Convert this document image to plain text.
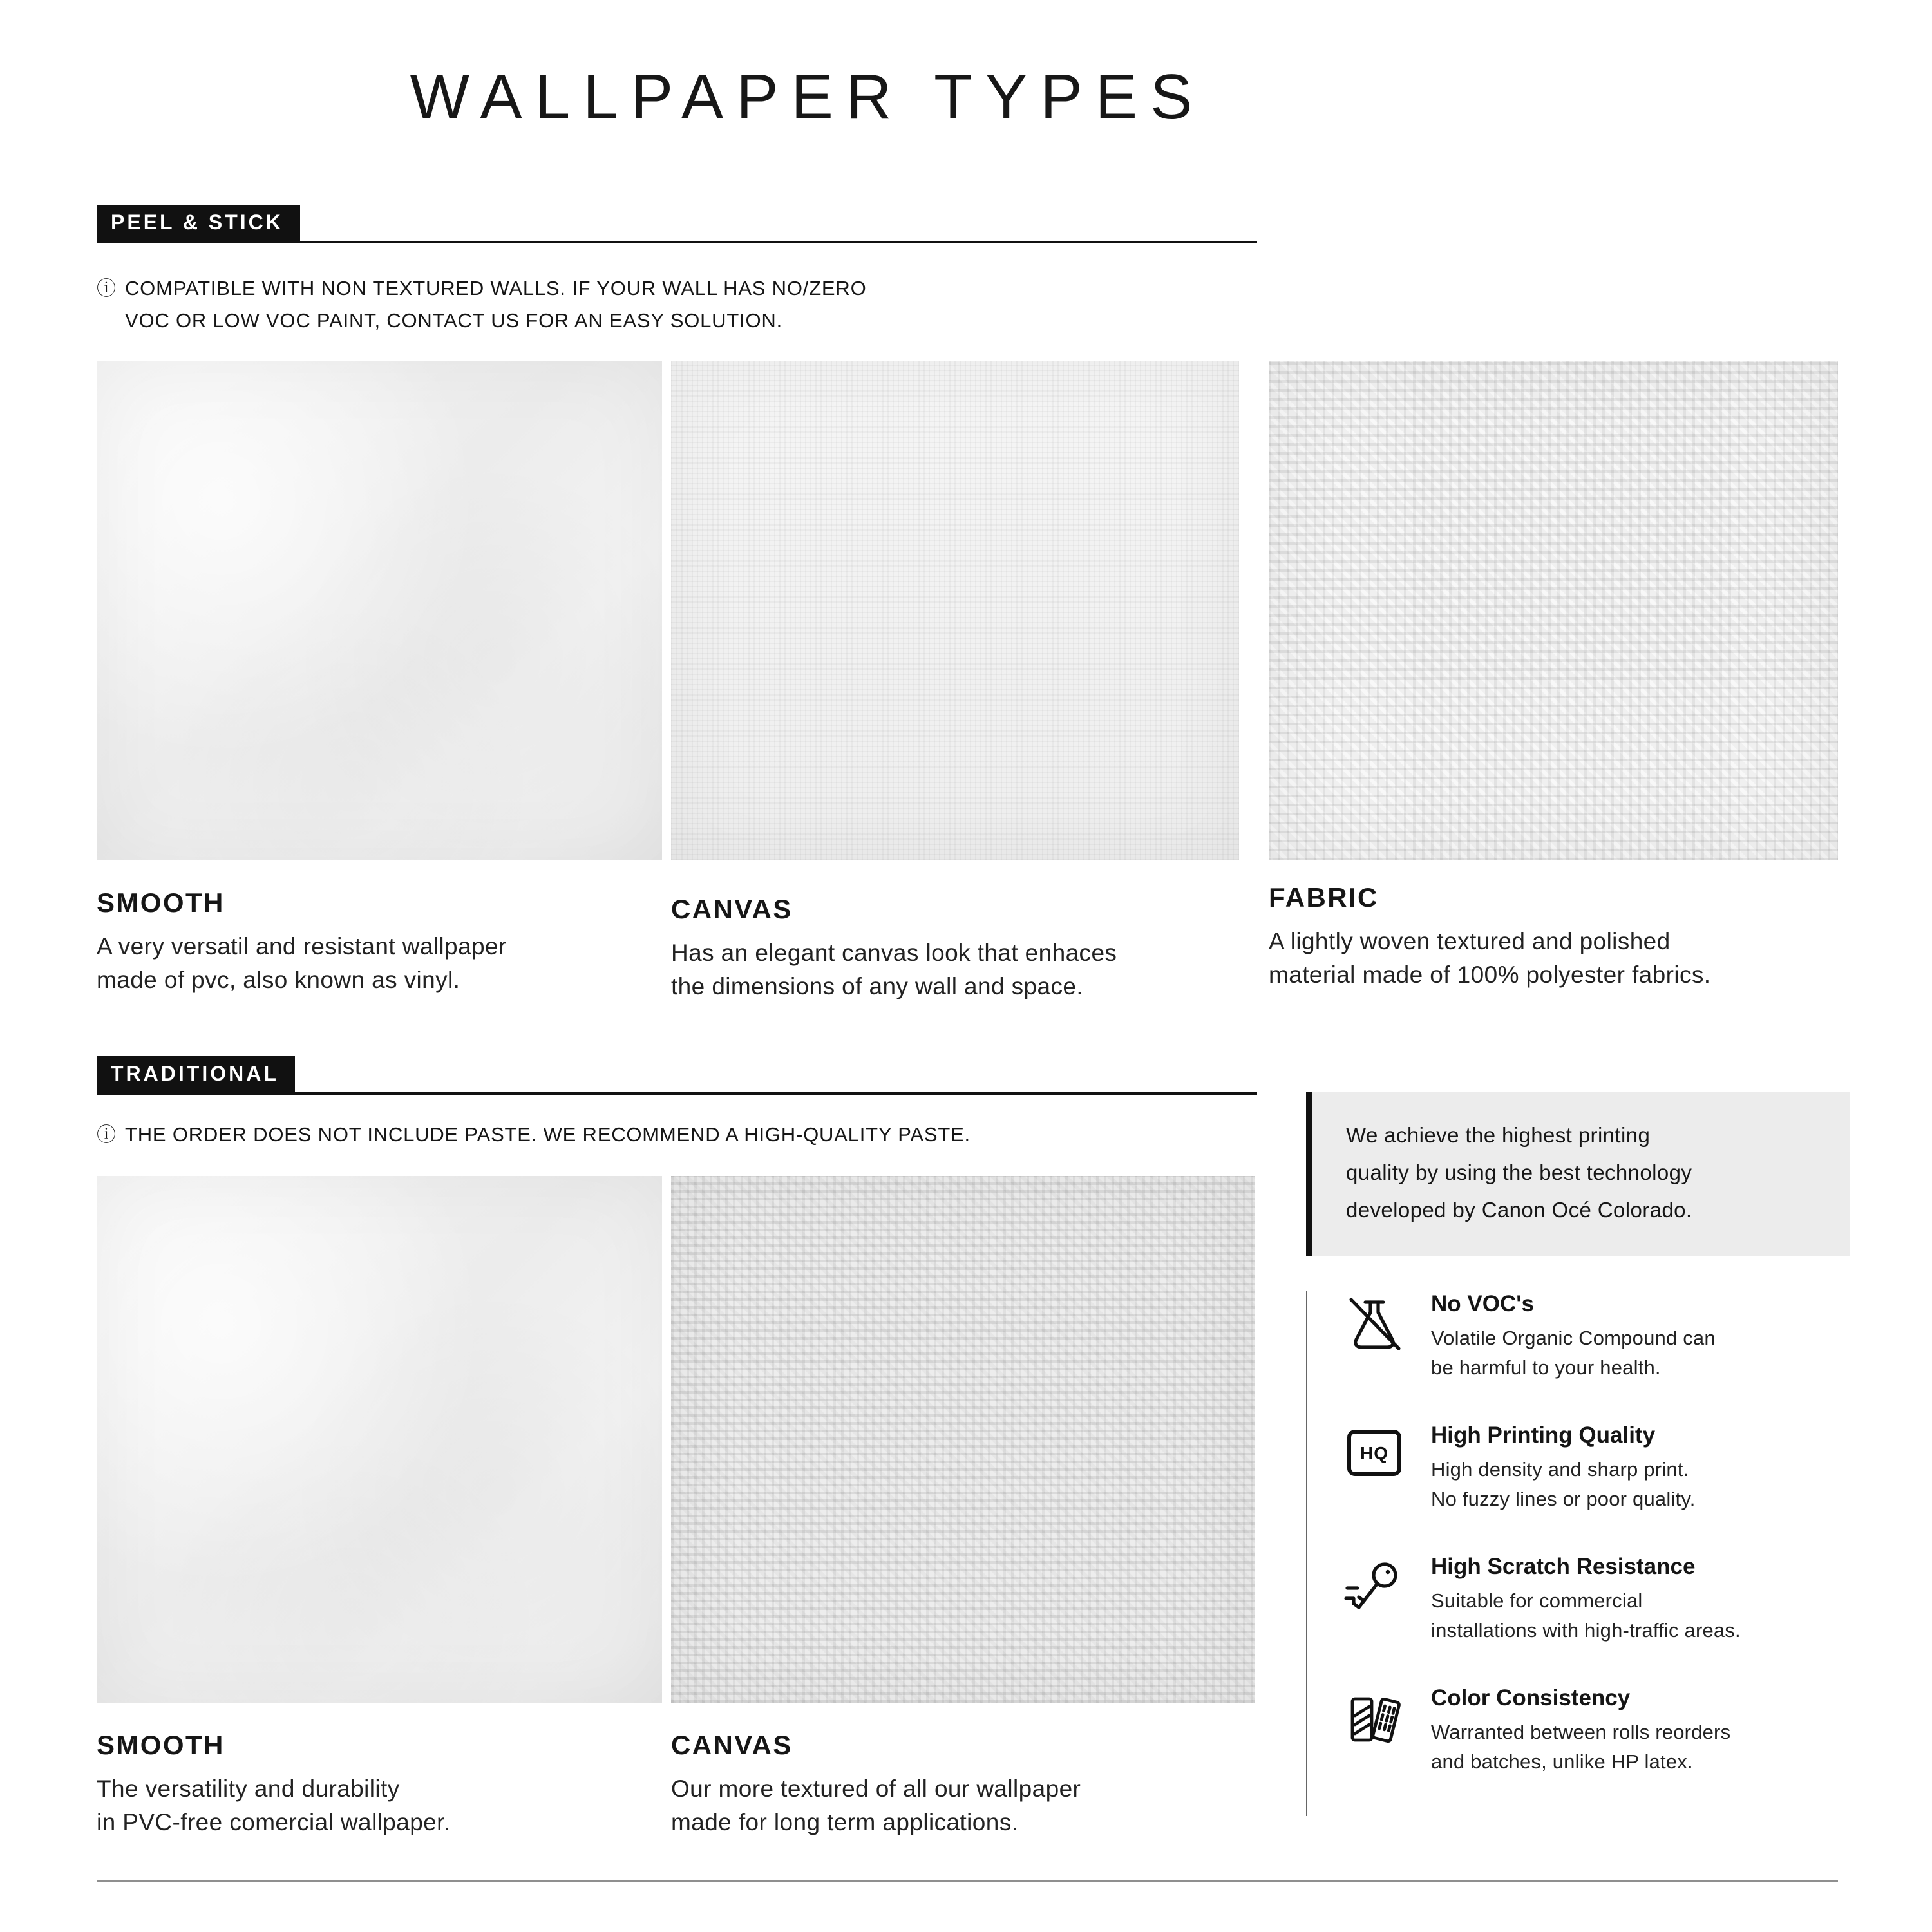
WALLPAPER TYPES
PEEL & STICK
ⓘ COMPATIBLE WITH NON TEXTURED WALLS. IF YOUR WALL HAS NO/ZERO
VOC OR LOW VOC PAINT, CONTACT US FOR AN EASY SOLUTION.
SMOOTH
A very versatil and resistant wallpaper
made of pvc, also known as vinyl.
CANVAS
Has an elegant canvas look that enhaces
the dimensions of any wall and space.
FABRIC
A lightly woven textured and polished
material made of 100% polyester fabrics.
TRADITIONAL
ⓘ THE ORDER DOES NOT INCLUDE PASTE. WE RECOMMEND A HIGH-QUALITY PASTE.
SMOOTH
The versatility and durability
in PVC-free comercial wallpaper.
CANVAS
Our more textured of all our wallpaper
made for long term applications.
We achieve the highest printing
quality by using the best technology
developed by Canon Océ Colorado.
No VOC's
Volatile Organic Compound can
be harmful to your health.
HQ
High Printing Quality
High density and sharp print.
No fuzzy lines or poor quality.
High Scratch Resistance
Suitable for commercial
installations with high-traffic areas.
Color Consistency
Warranted between rolls reorders
and batches, unlike HP latex.
